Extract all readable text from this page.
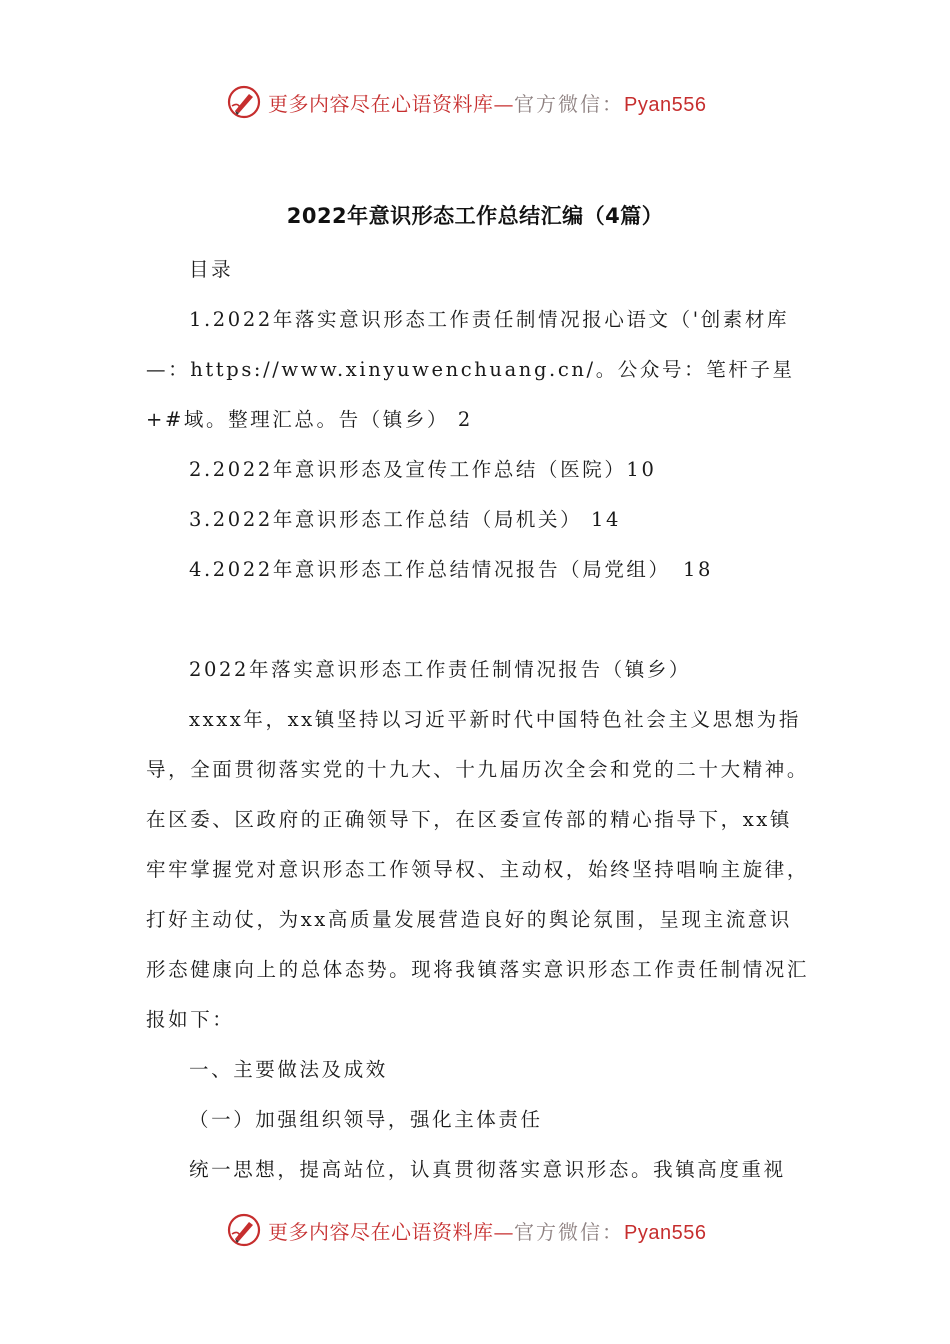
更多内容尽在心语资料库—官方微信：Pyan556
2022年意识形态工作总结汇编（4篇）

目录

1.2022年落实意识形态工作责任制情况报心语文（'创素材库—：https://www.xinyuwenchuang.cn/。公众号：笔杆子星+#域。整理汇总。告（镇乡） 2

2.2022年意识形态及宣传工作总结（医院）10

3.2022年意识形态工作总结（局机关） 14

4.2022年意识形态工作总结情况报告（局党组）　18

2022年落实意识形态工作责任制情况报告（镇乡）

xxxx年，xx镇坚持以习近平新时代中国特色社会主义思想为指导，全面贯彻落实党的十九大、十九届历次全会和党的二十大精神。在区委、区政府的正确领导下，在区委宣传部的精心指导下，xx镇牢牢掌握党对意识形态工作领导权、主动权，始终坚持唱响主旋律，打好主动仗，为xx高质量发展营造良好的舆论氛围，呈现主流意识形态健康向上的总体态势。现将我镇落实意识形态工作责任制情况汇报如下：

一、主要做法及成效

（一）加强组织领导，强化主体责任

统一思想，提高站位，认真贯彻落实意识形态。我镇高度重视

更多内容尽在心语资料库—官方微信：Pyan556
